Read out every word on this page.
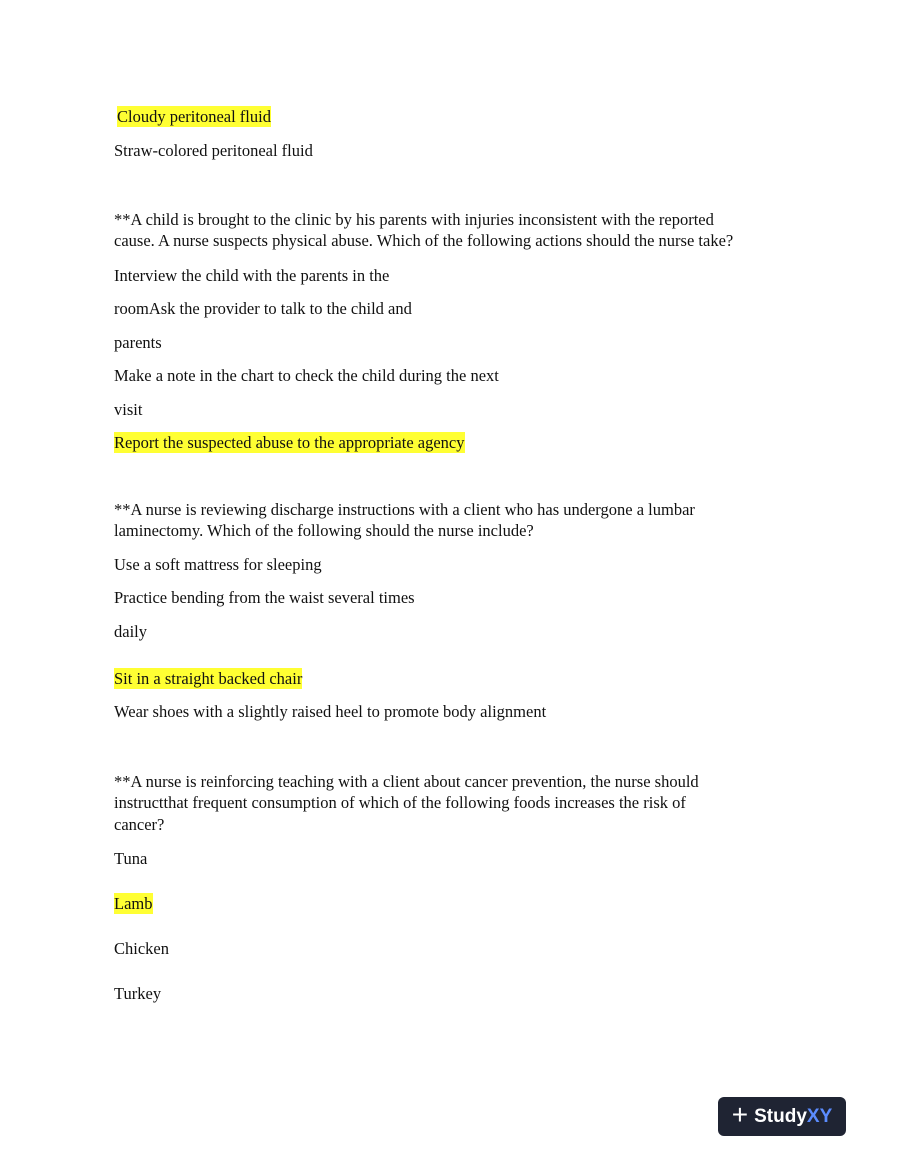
Cloudy peritoneal fluid
Straw-colored peritoneal fluid
**A child is brought to the clinic by his parents with injuries inconsistent with the reported
cause. A nurse suspects physical abuse. Which of the following actions should the nurse take?
Interview the child with the parents in the
roomAsk the provider to talk to the child and
parents
Make a note in the chart to check the child during the next
visit
Report the suspected abuse to the appropriate agency
**A nurse is reviewing discharge instructions with a client who has undergone a lumbar
laminectomy. Which of the following should the nurse include?
Use a soft mattress for sleeping
Practice bending from the waist several times
daily
Sit in a straight backed chair
Wear shoes with a slightly raised heel to promote body alignment
**A nurse is reinforcing teaching with a client about cancer prevention, the nurse should
instructthat frequent consumption of which of the following foods increases the risk of
cancer?
Tuna
Lamb
Chicken
Turkey
+ Study XY
